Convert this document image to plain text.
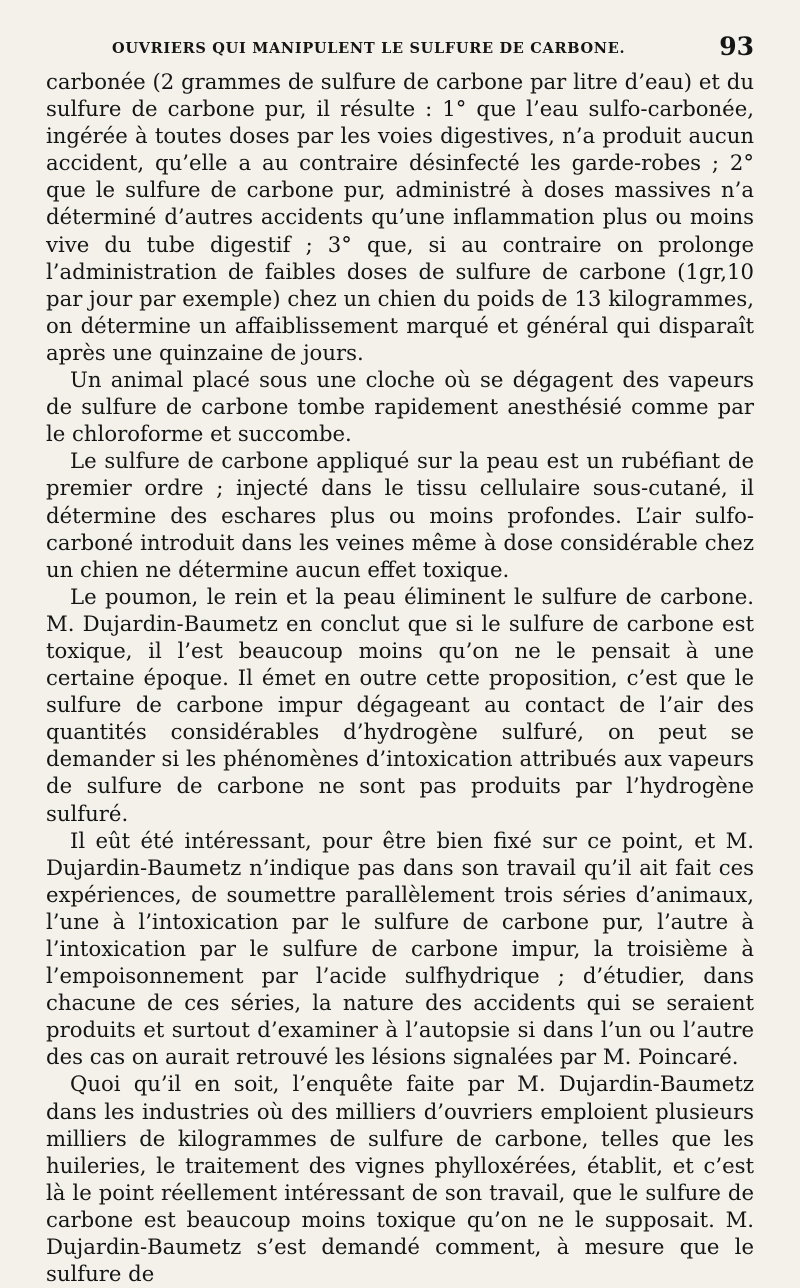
OUVRIERS QUI MANIPULENT LE SULFURE DE CARBONE.	93

carbonée (2 grammes de sulfure de carbone par litre d’eau) et du sulfure de carbone pur, il résulte : 1° que l’eau sulfo-carbonée, ingérée à toutes doses par les voies digestives, n’a produit aucun accident, qu’elle a au contraire désinfecté les garde-robes ; 2° que le sulfure de carbone pur, administré à doses massives n’a déterminé d’autres accidents qu’une inflammation plus ou moins vive du tube digestif ; 3° que, si au contraire on prolonge l’administration de faibles doses de sulfure de carbone (1gr,10 par jour par exemple) chez un chien du poids de 13 kilogrammes, on détermine un affaiblissement marqué et général qui disparaît après une quinzaine de jours.

Un animal placé sous une cloche où se dégagent des vapeurs de sulfure de carbone tombe rapidement anesthésié comme par le chloroforme et succombe.

Le sulfure de carbone appliqué sur la peau est un rubéfiant de premier ordre ; injecté dans le tissu cellulaire sous-cutané, il détermine des eschares plus ou moins profondes. L’air sulfo-carboné introduit dans les veines même à dose considérable chez un chien ne détermine aucun effet toxique.

Le poumon, le rein et la peau éliminent le sulfure de carbone. M. Dujardin-Baumetz en conclut que si le sulfure de carbone est toxique, il l’est beaucoup moins qu’on ne le pensait à une certaine époque. Il émet en outre cette proposition, c’est que le sulfure de carbone impur dégageant au contact de l’air des quantités considérables d’hydrogène sulfuré, on peut se demander si les phénomènes d’intoxication attribués aux vapeurs de sulfure de carbone ne sont pas produits par l’hydrogène sulfuré.

Il eût été intéressant, pour être bien fixé sur ce point, et M. Dujardin-Baumetz n’indique pas dans son travail qu’il ait fait ces expériences, de soumettre parallèlement trois séries d’animaux, l’une à l’intoxication par le sulfure de carbone pur, l’autre à l’intoxication par le sulfure de carbone impur, la troisième à l’empoisonnement par l’acide sulfhydrique ; d’étudier, dans chacune de ces séries, la nature des accidents qui se seraient produits et surtout d’examiner à l’autopsie si dans l’un ou l’autre des cas on aurait retrouvé les lésions signalées par M. Poincaré.

Quoi qu’il en soit, l’enquête faite par M. Dujardin-Baumetz dans les industries où des milliers d’ouvriers emploient plusieurs milliers de kilogrammes de sulfure de carbone, telles que les huileries, le traitement des vignes phylloxérées, établit, et c’est là le point réellement intéressant de son travail, que le sulfure de carbone est beaucoup moins toxique qu’on ne le supposait. M. Dujardin-Baumetz s’est demandé comment, à mesure que le sulfure de
